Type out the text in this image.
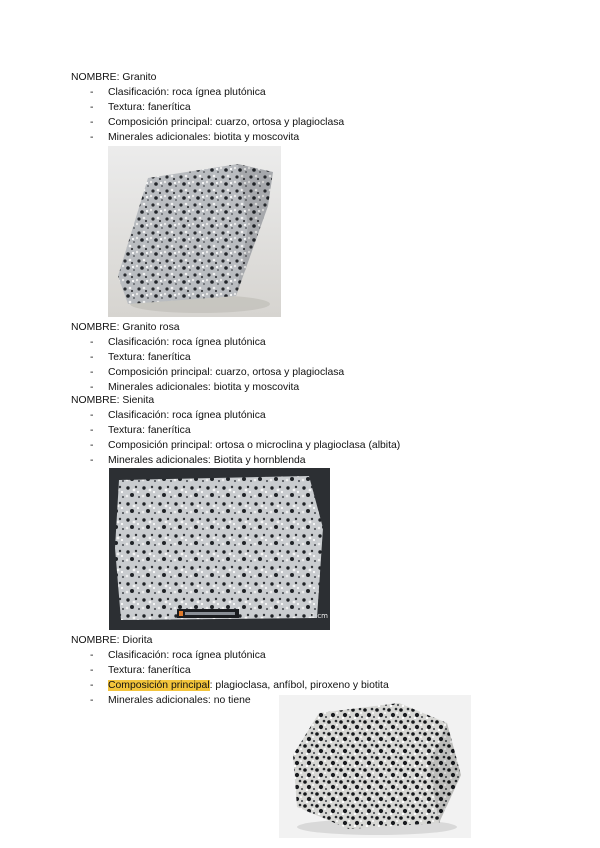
NOMBRE: Granito
- Clasificación: roca ígnea plutónica
- Textura: fanerítica
- Composición principal: cuarzo, ortosa y plagioclasa
- Minerales adicionales: biotita y moscovita
NOMBRE: Granito rosa
- Clasificación: roca ígnea plutónica
- Textura: fanerítica
- Composición principal: cuarzo, ortosa y plagioclasa
- Minerales adicionales: biotita y moscovita
NOMBRE: Sienita
- Clasificación: roca ígnea plutónica
- Textura: fanerítica
- Composición principal: ortosa o microclina y plagioclasa (albita)
- Minerales adicionales: Biotita y hornblenda
1 cm
NOMBRE: Diorita
- Clasificación: roca ígnea plutónica
- Textura: fanerítica
- Composición principal: plagioclasa, anfíbol, piroxeno y biotita
- Minerales adicionales: no tiene
